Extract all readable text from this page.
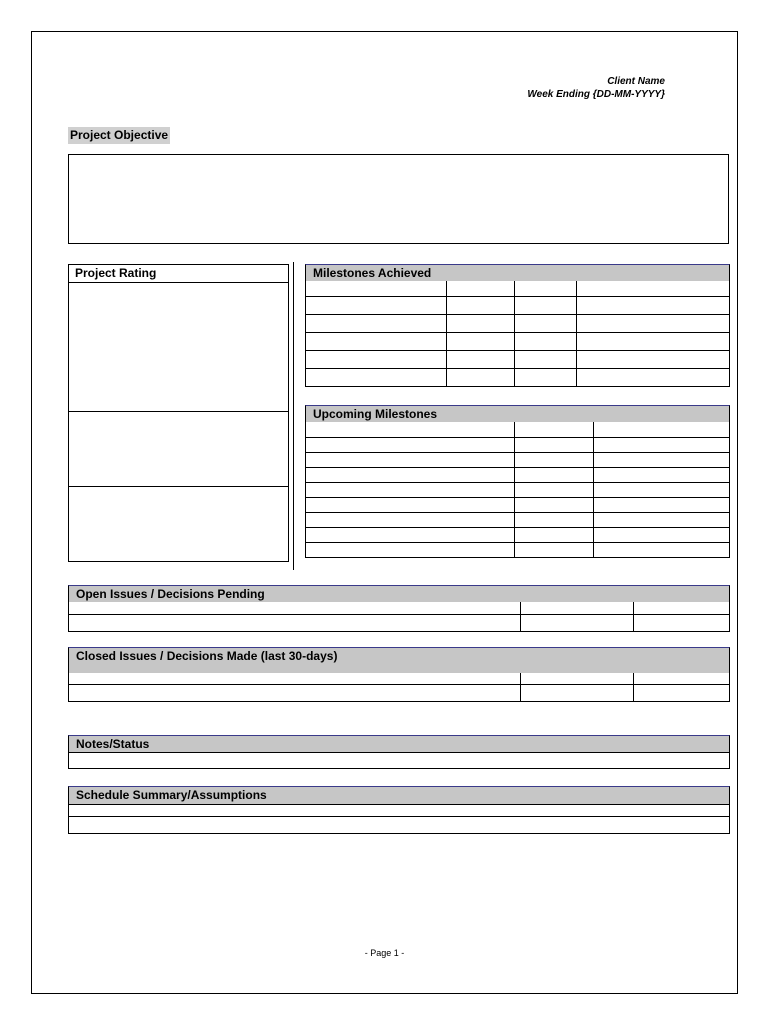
Client Name
Week Ending {DD-MM-YYYY}
Project Objective
Project Rating	Milestones Achieved

Upcoming Milestones

Open Issues / Decisions Pending

Closed Issues / Decisions Made (last 30-days)

Notes/Status
Schedule Summary/Assumptions

- Page 1 -
